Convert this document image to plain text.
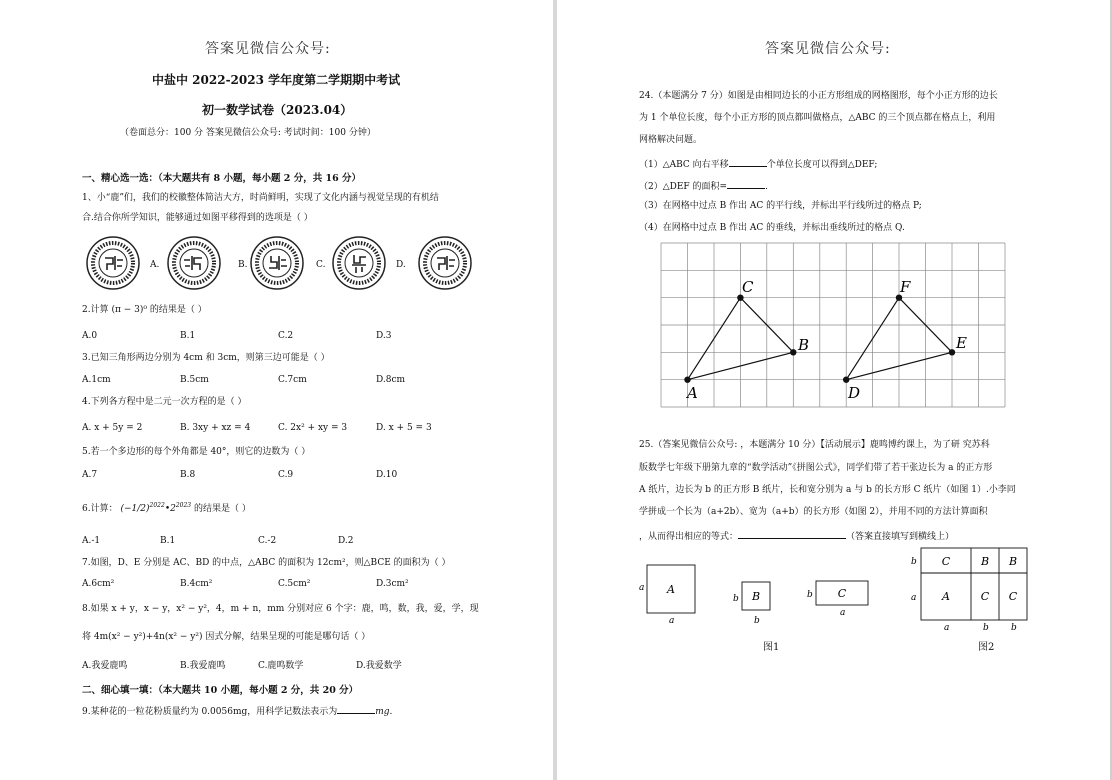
答案见微信公众号:
中盐中 2022-2023 学年度第二学期期中考试
初一数学试卷（2023.04）
（卷面总分：100 分 答案见微信公众号: 考试时间：100 分钟）
一、精心选一选：（本大题共有 8 小题，每小题 2 分，共 16 分）
1、小“鹿”们，我们的校徽整体简洁大方，时尚鲜明，实现了文化内涵与视觉呈现的有机结
合.结合你所学知识，能够通过如图平移得到的选项是（ ）
A.	B.	C.	D.
2.计算 (π − 3)⁰ 的结果是（ ）
A.0	B.1	C.2	D.3
3.已知三角形两边分别为 4cm 和 3cm，则第三边可能是（ ）
A.1cm	B.5cm	C.7cm	D.8cm
4.下列各方程中是二元一次方程的是（ ）
A. x + 5y = 2	B. 3xy + xz = 4	C. 2x² + xy = 3	D. x + 5 = 3
5.若一个多边形的每个外角都是 40°，则它的边数为（ ）
A.7	B.8	C.9	D.10
6.计算： $(-1/2)^{2022}•2^{2023}$ 的结果是（ ）
A.-1	B.1	C.-2	D.2
7.如图，D、E 分别是 AC、BD 的中点，△ABC 的面积为 12cm²，则△BCE 的面积为（ ）
A.6cm²	B.4cm²	C.5cm²	D.3cm²
8.如果 x + y，x − y，x² − y²，4，m + n，mm 分别对应 6 个字：鹿，鸣，数，我，爱，学，现
将 4m(x² − y²)+4n(x² − y²) 因式分解，结果呈现的可能是哪句话（ ）
A.我爱鹿鸣	B.我爱鹿鸣	C.鹿鸣数学	D.我爱数学
二、细心填一填：（本大题共 10 小题，每小题 2 分，共 20 分）
9.某种花的一粒花粉质量约为 0.0056mg，用科学记数法表示为	mg.
答案见微信公众号:
24.（本题满分 7 分）如图是由相同边长的小正方形组成的网格图形，每个小正方形的边长
为 1 个单位长度，每个小正方形的顶点都叫做格点，△ABC 的三个顶点都在格点上，利用
网格解决问题。
（1）△ABC 向右平移	个单位长度可以得到△DEF;
（2）△DEF 的面积=	.
（3）在网格中过点 B 作出 AC 的平行线，并标出平行线所过的格点 P;
（4）在网格中过点 B 作出 AC 的垂线，并标出垂线所过的格点 Q.
A
C
B
D
F
E
25.（答案见微信公众号: ，本题满分 10 分）【活动展示】鹿鸣博约课上，为了研 究苏科
版数学七年级下册第九章的“数学活动”《拼图公式》，同学们带了若干张边长为 a 的正方形
A 纸片，边长为 b 的正方形 B 纸片，长和宽分别为 a 与 b 的长方形 C 纸片（如图 1）.小李同
学拼成一个长为（a+2b）、宽为（a+b）的长方形（如图 2），并用不同的方法计算面积
，从而得出相应的等式：	（答案直接填写到横线上）
A
a
a
B
b
b
C
b
a
图1
C	B B
A	C C
b
a
a	b b
图2
